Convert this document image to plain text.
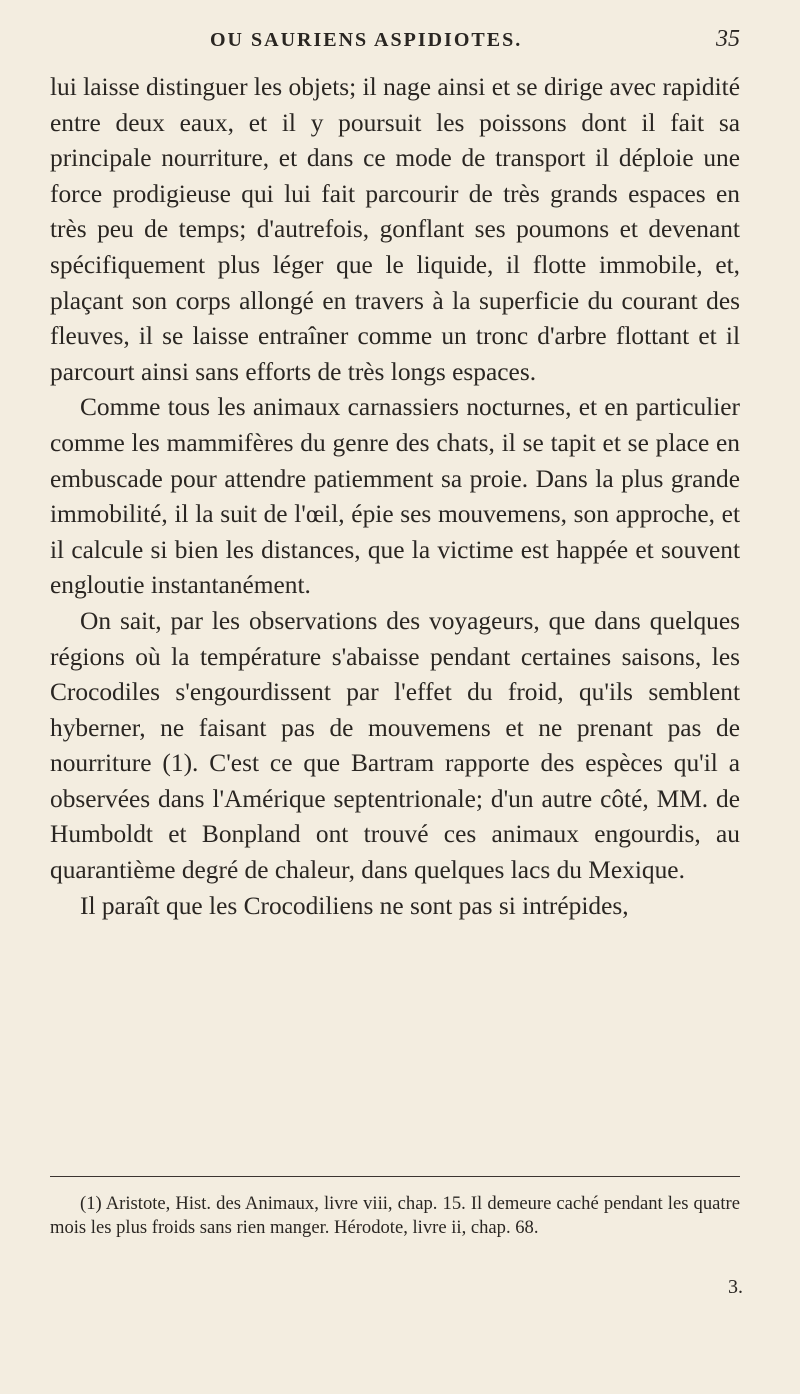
OU SAURIENS ASPIDIOTES.	35

lui laisse distinguer les objets; il nage ainsi et se dirige avec rapidité entre deux eaux, et il y poursuit les poissons dont il fait sa principale nourriture, et dans ce mode de transport il déploie une force prodigieuse qui lui fait parcourir de très grands espaces en très peu de temps; d'autrefois, gonflant ses poumons et devenant spécifiquement plus léger que le liquide, il flotte immobile, et, plaçant son corps allongé en travers à la superficie du courant des fleuves, il se laisse entraîner comme un tronc d'arbre flottant et il parcourt ainsi sans efforts de très longs espaces.

Comme tous les animaux carnassiers nocturnes, et en particulier comme les mammifères du genre des chats, il se tapit et se place en embuscade pour attendre patiemment sa proie. Dans la plus grande immobilité, il la suit de l'œil, épie ses mouvemens, son approche, et il calcule si bien les distances, que la victime est happée et souvent engloutie instantanément.

On sait, par les observations des voyageurs, que dans quelques régions où la température s'abaisse pendant certaines saisons, les Crocodiles s'engourdissent par l'effet du froid, qu'ils semblent hyberner, ne faisant pas de mouvemens et ne prenant pas de nourriture (1). C'est ce que Bartram rapporte des espèces qu'il a observées dans l'Amérique septentrionale; d'un autre côté, MM. de Humboldt et Bonpland ont trouvé ces animaux engourdis, au quarantième degré de chaleur, dans quelques lacs du Mexique.

Il paraît que les Crocodiliens ne sont pas si intrépides,

(1) Aristote, Hist. des Animaux, livre viii, chap. 15. Il demeure caché pendant les quatre mois les plus froids sans rien manger. Hérodote, livre ii, chap. 68.

3.
